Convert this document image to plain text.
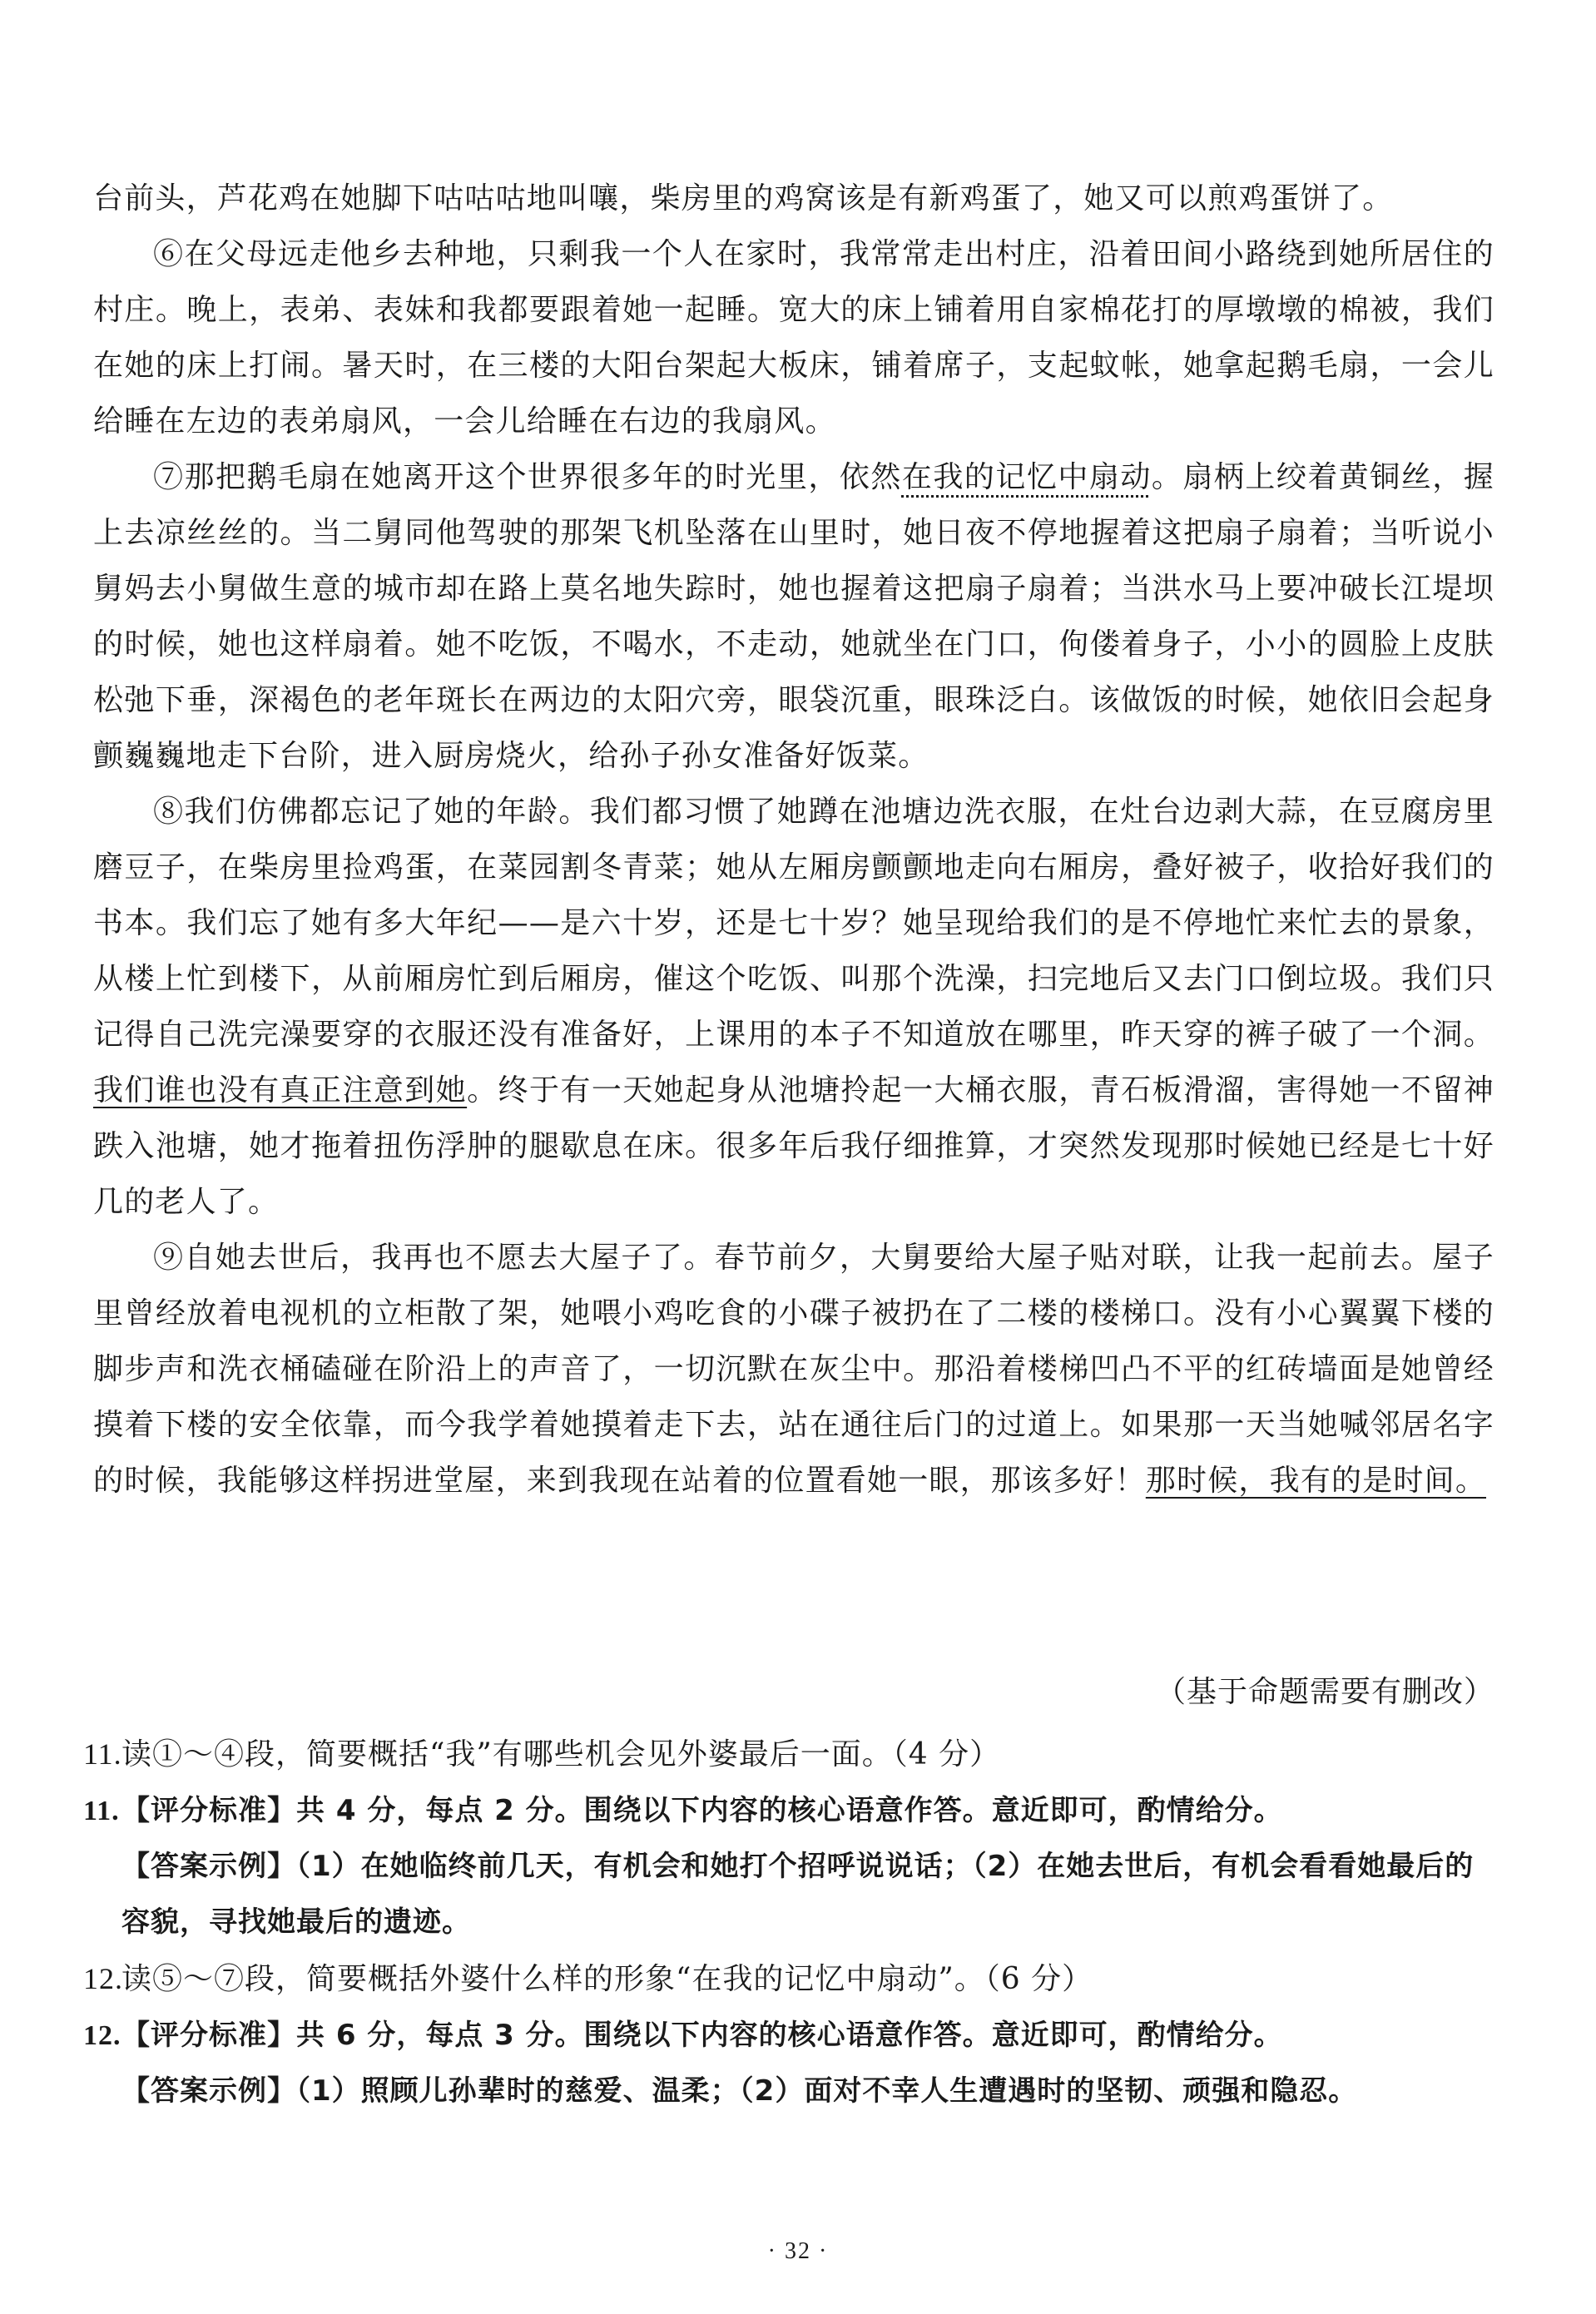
台前头，芦花鸡在她脚下咕咕咕地叫嚷，柴房里的鸡窝该是有新鸡蛋了，她又可以煎鸡蛋饼了。

⑥在父母远走他乡去种地，只剩我一个人在家时，我常常走出村庄，沿着田间小路绕到她所居住的村庄。晚上，表弟、表妹和我都要跟着她一起睡。宽大的床上铺着用自家棉花打的厚墩墩的棉被，我们在她的床上打闹。暑天时，在三楼的大阳台架起大板床，铺着席子，支起蚊帐，她拿起鹅毛扇，一会儿给睡在左边的表弟扇风，一会儿给睡在右边的我扇风。

⑦那把鹅毛扇在她离开这个世界很多年的时光里，依然在我的记忆中扇动。扇柄上绞着黄铜丝，握上去凉丝丝的。当二舅同他驾驶的那架飞机坠落在山里时，她日夜不停地握着这把扇子扇着；当听说小舅妈去小舅做生意的城市却在路上莫名地失踪时，她也握着这把扇子扇着；当洪水马上要冲破长江堤坝的时候，她也这样扇着。她不吃饭，不喝水，不走动，她就坐在门口，佝偻着身子，小小的圆脸上皮肤松弛下垂，深褐色的老年斑长在两边的太阳穴旁，眼袋沉重，眼珠泛白。该做饭的时候，她依旧会起身颤巍巍地走下台阶，进入厨房烧火，给孙子孙女准备好饭菜。

⑧我们仿佛都忘记了她的年龄。我们都习惯了她蹲在池塘边洗衣服，在灶台边剥大蒜，在豆腐房里磨豆子，在柴房里捡鸡蛋，在菜园割冬青菜；她从左厢房颤颤地走向右厢房，叠好被子，收拾好我们的书本。我们忘了她有多大年纪——是六十岁，还是七十岁？她呈现给我们的是不停地忙来忙去的景象，从楼上忙到楼下，从前厢房忙到后厢房，催这个吃饭、叫那个洗澡，扫完地后又去门口倒垃圾。我们只记得自己洗完澡要穿的衣服还没有准备好，上课用的本子不知道放在哪里，昨天穿的裤子破了一个洞。我们谁也没有真正注意到她。终于有一天她起身从池塘拎起一大桶衣服，青石板滑溜，害得她一不留神跌入池塘，她才拖着扭伤浮肿的腿歇息在床。很多年后我仔细推算，才突然发现那时候她已经是七十好几的老人了。

⑨自她去世后，我再也不愿去大屋子了。春节前夕，大舅要给大屋子贴对联，让我一起前去。屋子里曾经放着电视机的立柜散了架，她喂小鸡吃食的小碟子被扔在了二楼的楼梯口。没有小心翼翼下楼的脚步声和洗衣桶磕碰在阶沿上的声音了，一切沉默在灰尘中。那沿着楼梯凹凸不平的红砖墙面是她曾经摸着下楼的安全依靠，而今我学着她摸着走下去，站在通往后门的过道上。如果那一天当她喊邻居名字的时候，我能够这样拐进堂屋，来到我现在站着的位置看她一眼，那该多好！那时候，我有的是时间。

（基于命题需要有删改）
11.读①～④段，简要概括“我”有哪些机会见外婆最后一面。（4 分）
11.【评分标准】共 4 分，每点 2 分。围绕以下内容的核心语意作答。意近即可，酌情给分。
【答案示例】（1）在她临终前几天，有机会和她打个招呼说说话；（2）在她去世后，有机会看看她最后的容貌，寻找她最后的遗迹。
12.读⑤～⑦段，简要概括外婆什么样的形象“在我的记忆中扇动”。（6 分）
12.【评分标准】共 6 分，每点 3 分。围绕以下内容的核心语意作答。意近即可，酌情给分。
【答案示例】（1）照顾儿孙辈时的慈爱、温柔；（2）面对不幸人生遭遇时的坚韧、顽强和隐忍。
· 32 ·
